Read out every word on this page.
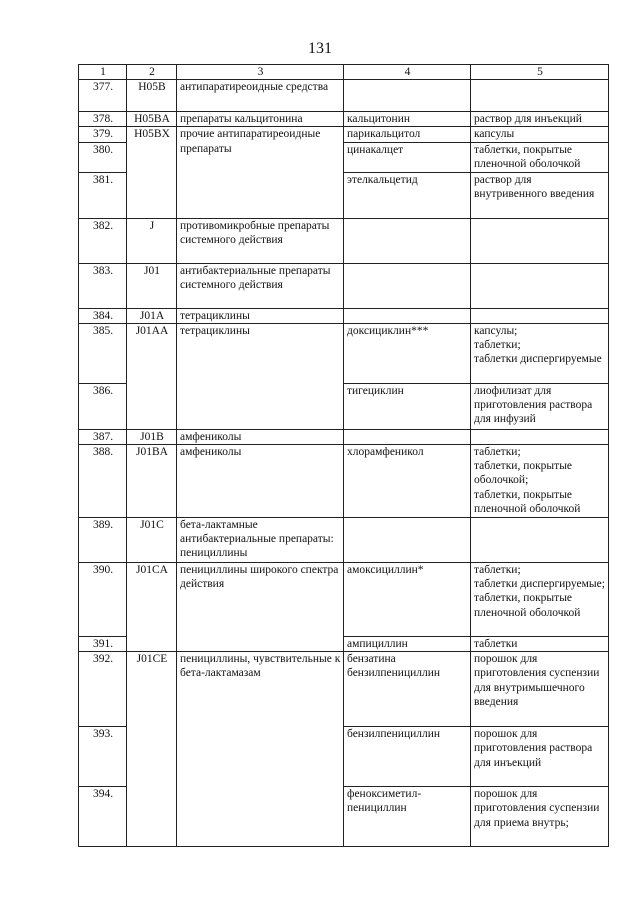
131
1	2	3	4	5
377.	H05B	антипаратиреоидные средства		
378.	H05BA	препараты кальцитонина	кальцитонин	раствор для инъекций
379.	H05BX	прочие антипаратиреоидные препараты	парикальцитол	капсулы
380.			цинакалцет	таблетки, покрытые пленочной оболочкой
381.			этелкальцетид	раствор для внутривенного введения
382.	J	противомикробные препараты системного действия		
383.	J01	антибактериальные препараты системного действия		
384.	J01A	тетрациклины		
385.	J01AA	тетрациклины	доксициклин***	капсулы;
таблетки;
таблетки диспергируемые
386.			тигециклин	лиофилизат для приготовления раствора для инфузий
387.	J01B	амфениколы		
388.	J01BA	амфениколы	хлорамфеникол	таблетки;
таблетки, покрытые оболочкой;
таблетки, покрытые пленочной оболочкой
389.	J01C	бета-лактамные антибактериальные препараты: пенициллины		
390.	J01CA	пенициллины широкого спектра действия	амоксициллин*	таблетки;
таблетки диспергируемые;
таблетки, покрытые пленочной оболочкой
391.			ампициллин	таблетки
392.	J01CE	пенициллины, чувствительные к бета-лактамазам	бензатина бензилпенициллин	порошок для приготовления суспензии для внутримышечного введения
393.			бензилпенициллин	порошок для приготовления раствора для инъекций
394.			феноксиметил-пенициллин	порошок для приготовления суспензии для приема внутрь;
